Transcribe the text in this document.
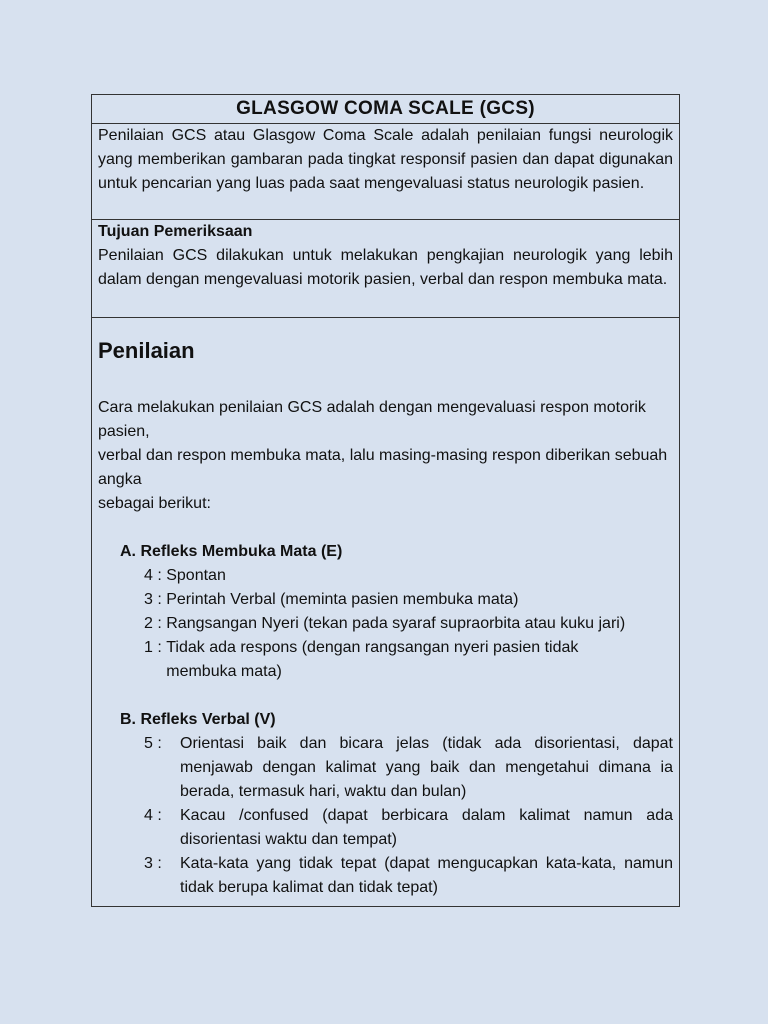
GLASGOW COMA SCALE (GCS)

Penilaian GCS atau Glasgow Coma Scale adalah penilaian fungsi neurologik yang memberikan gambaran pada tingkat responsif pasien dan dapat digunakan untuk pencarian yang luas pada saat mengevaluasi status neurologik pasien.

Tujuan Pemeriksaan

Penilaian GCS dilakukan untuk melakukan pengkajian neurologik yang lebih dalam dengan mengevaluasi motorik pasien, verbal dan respon membuka mata.

Penilaian

Cara melakukan penilaian GCS adalah dengan mengevaluasi respon motorik pasien,

verbal dan respon membuka mata, lalu masing-masing respon diberikan sebuah angka

sebagai berikut:

A. Refleks Membuka Mata (E)
4 : Spontan
3 : Perintah Verbal (meminta pasien membuka mata)
2 : Rangsangan Nyeri (tekan pada syaraf supraorbita atau kuku jari)
1 : Tidak ada respons (dengan rangsangan nyeri pasien tidak membuka mata)
B. Refleks Verbal (V)
5 :	Orientasi baik dan bicara jelas (tidak ada disorientasi, dapat menjawab dengan kalimat yang baik dan mengetahui dimana ia berada, termasuk hari, waktu dan bulan)
4 :	Kacau /confused (dapat berbicara dalam kalimat namun ada disorientasi waktu dan tempat)
3 :	Kata-kata yang tidak tepat (dapat mengucapkan kata-kata, namun tidak berupa kalimat dan tidak tepat)
